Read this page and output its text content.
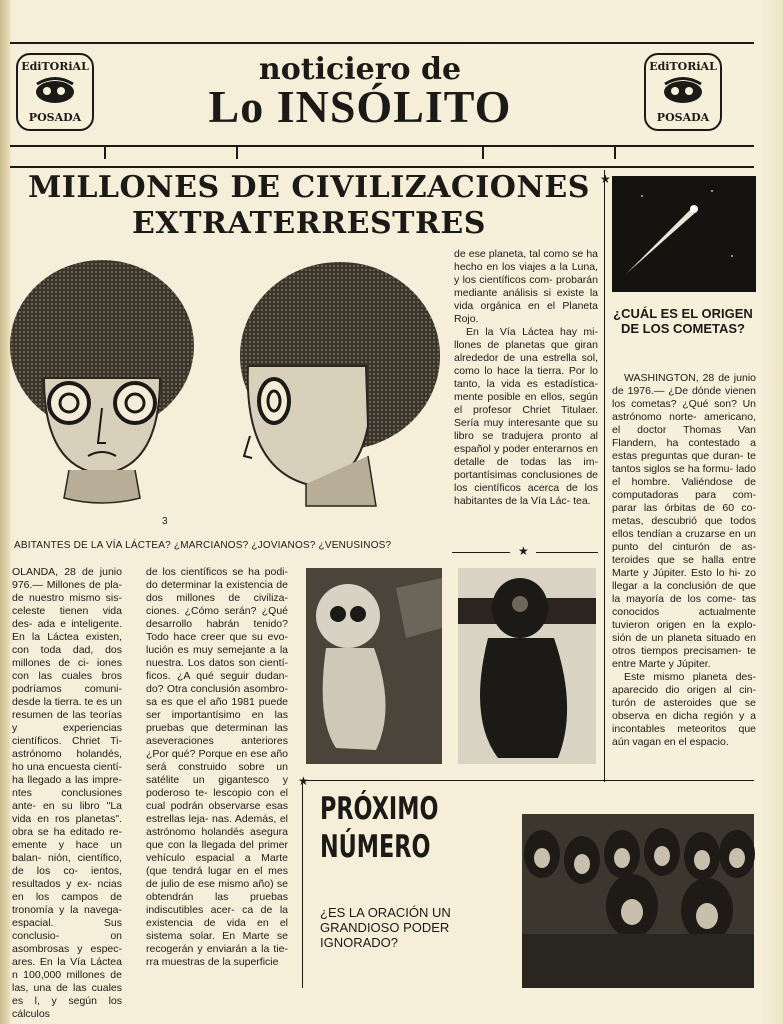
EdiTORiAL
POSADA
EdiTORiAL
POSADA
noticiero de
Lo INSÓLITO
MILLONES DE CIVILIZACIONES
EXTRATERRESTRES
★
★
3
ABITANTES DE LA VÍA LÁCTEA? ¿MARCIANOS? ¿JOVIANOS? ¿VENUSINOS?

OLANDA, 28 de junio 976.— Millones de pla- de nuestro mismo sis- celeste tienen vida des- ada e inteligente. En la Láctea existen, con toda dad, dos millones de ci- iones con las cuales bros podríamos comuni- desde la tierra. te es un resumen de las teorías y experiencias científicos. Chriet Ti- astrónomo holandés, ho una encuesta cientí- ha llegado a las impre- ntes conclusiones ante- en su libro "La vida en ros planetas". obra se ha editado re- emente y hace un balan- nión, científico, de los co- ientos, resultados y ex- ncias en los campos de tronomía y la navega- espacial. Sus conclusio- on asombrosas y espec- ares. En la Vía Láctea n 100,000 millones de las, una de las cuales es l, y según los cálculos

de los científicos se ha podi- do determinar la existencia de dos millones de civiliza- ciones. ¿Cómo serán? ¿Qué desarrollo habrán tenido? Todo hace creer que su evo- lución es muy semejante a la nuestra. Los datos son cientí- ficos. ¿A qué seguir dudan- do? Otra conclusión asombro- sa es que el año 1981 puede ser importantísimo en las pruebas que determinan las aseveraciones anteriores ¿Por qué? Porque en ese año será construido sobre un satélite un gigantesco y poderoso te- lescopio con el cual podrán observarse esas estrellas leja- nas. Además, el astrónomo holandés asegura que con la llegada del primer vehículo espacial a Marte (que tendrá lugar en el mes de julio de ese mismo año) se obtendrán las pruebas indiscutibles acer- ca de la existencia de vida en el sistema solar. En Marte se recogerán y enviarán a la tie- rra muestras de la superficie

de ese planeta, tal como se ha hecho en los viajes a la Luna, y los científicos com- probarán mediante análisis si existe la vida orgánica en el Planeta Rojo.

En la Vía Láctea hay mi- llones de planetas que giran alrededor de una estrella sol, como lo hace la tierra. Por lo tanto, la vida es estadística- mente posible en ellos, según el profesor Chriet Titulaer. Sería muy interesante que su libro se tradujera pronto al español y poder enterarnos en detalle de todas las im- portantísimas conclusiones de los científicos acerca de los habitantes de la Vía Lác- tea.

★
¿CUÁL ES EL ORIGEN DE LOS COMETAS?

WASHINGTON, 28 de junio de 1976.— ¿De dónde vienen los cometas? ¿Qué son? Un astrónomo norte- americano, el doctor Thomas Van Flandern, ha contestado a estas preguntas que duran- te tantos siglos se ha formu- lado el hombre. Valiéndose de computadoras para com- parar las órbitas de 60 co- metas, descubrió que todos ellos tendían a cruzarse en un punto del cinturón de as- teroides que se halla entre Marte y Júpiter. Esto lo hi- zo llegar a la conclusión de que la mayoría de los come- tas conocidos actualmente tuvieron origen en la explo- sión de un planeta situado en otros tiempos precisamen- te entre Marte y Júpiter.

Este mismo planeta des- aparecido dio origen al cin- turón de asteroides que se observa en dicha región y a incontables meteoritos que aún vagan en el espacio.

PRÓXIMO
NÚMERO
¿ES LA ORACIÓN UN GRANDIOSO PODER IGNORADO?
